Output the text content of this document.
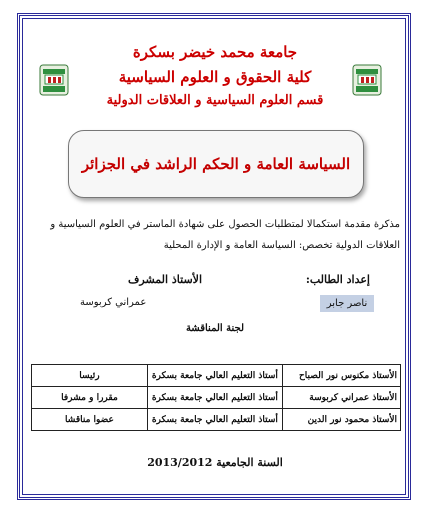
جامعة محمد خيضر بسكرة
كلية الحقوق و العلوم السياسية
قسم العلوم السياسية و العلاقات الدولية
السياسة العامة و الحكم الراشد في الجزائر
مذكرة مقدمة استكمالا لمتطلبات الحصول على شهادة الماستر في العلوم السياسية و
العلاقات الدولية تخصص: السياسة العامة و الإدارة المحلية
إعداد الطالب:
الأستاذ المشرف
ناصر جابر
عمراني كربوسة
لجنة المناقشة
الأستاذ مكنوس نور الصباح	أستاذ التعليم العالي جامعة بسكرة	رئيسا
الأستاذ عمراني كربوسة	أستاذ التعليم العالي جامعة بسكرة	مقررا و مشرفا
الأستاذ محمود نور الدين	أستاذ التعليم العالي جامعة بسكرة	عضوا مناقشا
السنة الجامعية 2013/2012
